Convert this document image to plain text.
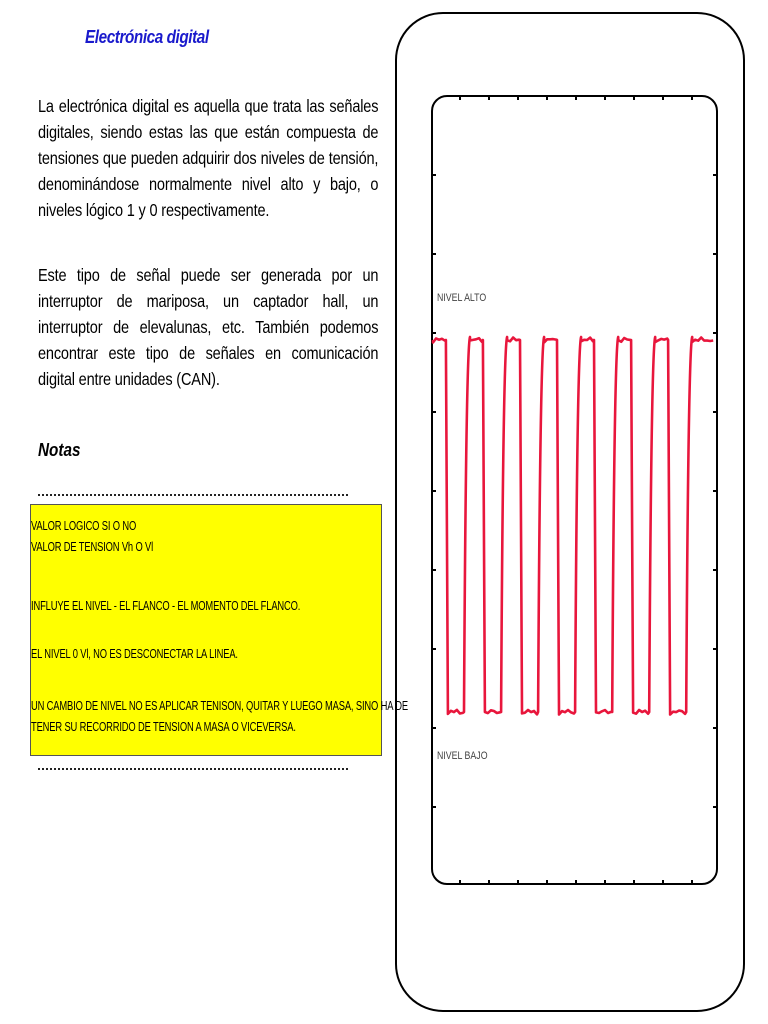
Electrónica digital
La electrónica digital es aquella que trata las señales digitales, siendo estas las que están compuesta de tensiones que pueden adquirir dos niveles de tensión, denominándose normalmente nivel alto y bajo, o niveles lógico 1 y 0 respectivamente.
Este tipo de señal puede ser generada por un interruptor de mariposa, un captador hall, un interruptor de elevalunas, etc. También podemos encontrar este tipo de señales en comunicación digital entre unidades (CAN).
Notas
VALOR LOGICO SI O NO
VALOR DE TENSION Vh O Vl
INFLUYE EL NIVEL - EL FLANCO - EL MOMENTO DEL FLANCO.
EL NIVEL 0 Vl, NO ES DESCONECTAR LA LINEA.
UN CAMBIO DE NIVEL NO ES APLICAR TENISON, QUITAR Y LUEGO MASA, SINO HA DE
TENER SU RECORRIDO DE TENSION A MASA O VICEVERSA.
NIVEL ALTO
NIVEL BAJO
